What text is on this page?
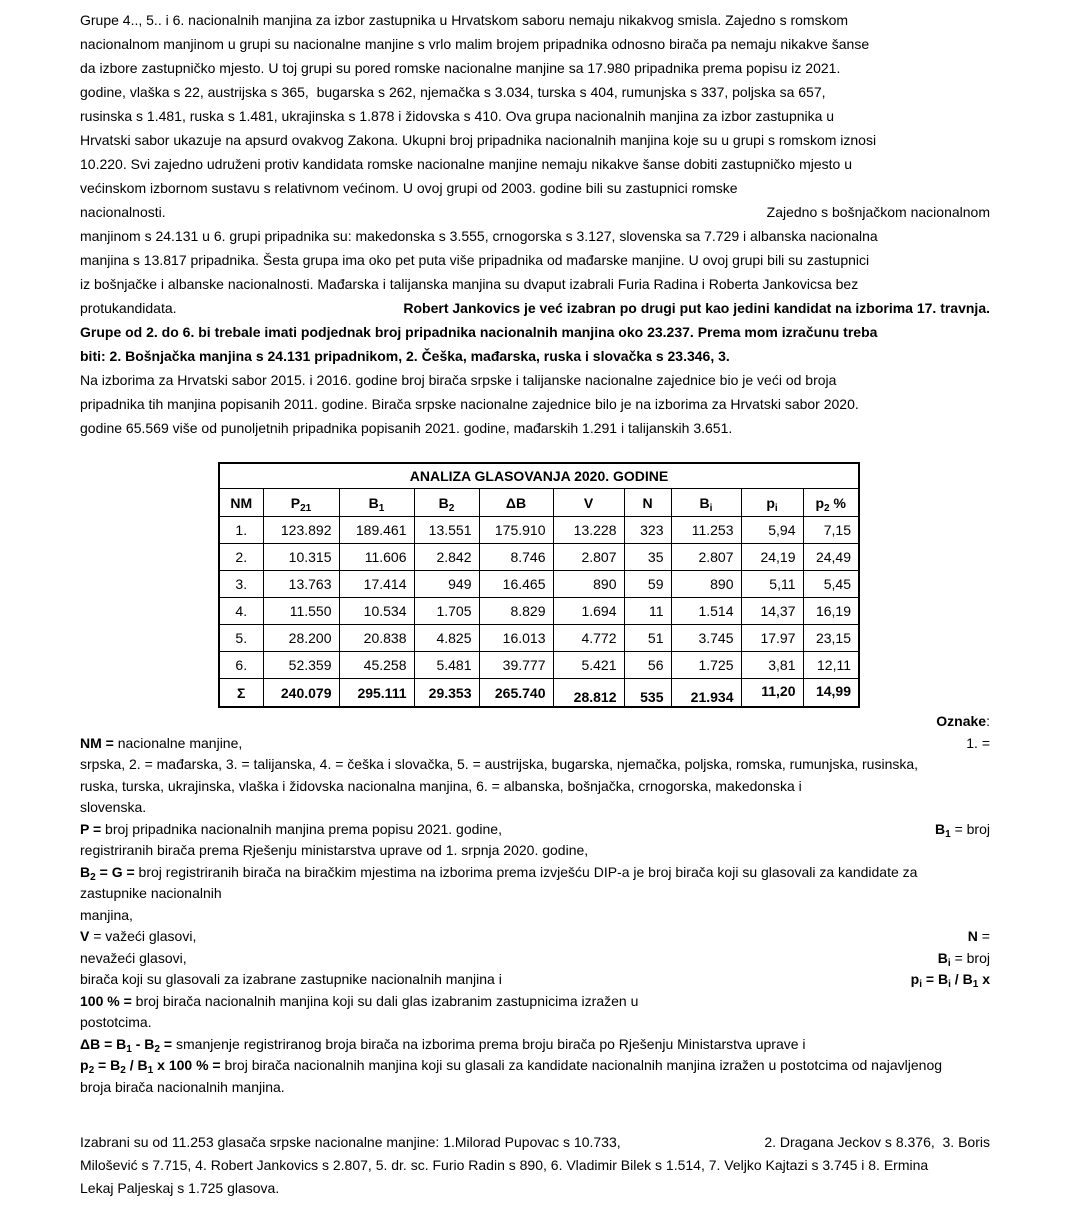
Grupe 4.., 5.. i 6. nacionalnih manjina za izbor zastupnika u Hrvatskom saboru nemaju nikakvog smisla. Zajedno s romskom
nacionalnom manjinom u grupi su nacionalne manjine s vrlo malim brojem pripadnika odnosno birača pa nemaju nikakve šanse
da izbore zastupničko mjesto. U toj grupi su pored romske nacionalne manjine sa 17.980 pripadnika prema popisu iz 2021.
godine, vlaška s 22, austrijska s 365,  bugarska s 262, njemačka s 3.034, turska s 404, rumunjska s 337, poljska sa 657,
rusinska s 1.481, ruska s 1.481, ukrajinska s 1.878 i židovska s 410. Ova grupa nacionalnih manjina za izbor zastupnika u
Hrvatski sabor ukazuje na apsurd ovakvog Zakona. Ukupni broj pripadnika nacionalnih manjina koje su u grupi s romskom iznosi
10.220. Svi zajedno udruženi protiv kandidata romske nacionalne manjine nemaju nikakve šanse dobiti zastupničko mjesto u
većinskom izbornom sustavu s relativnom većinom. U ovoj grupi od 2003. godine bili su zastupnici romske
nacionalnosti.	Zajedno s bošnjačkom nacionalnom
manjinom s 24.131 u 6. grupi pripadnika su: makedonska s 3.555, crnogorska s 3.127, slovenska sa 7.729 i albanska nacionalna
manjina s 13.817 pripadnika. Šesta grupa ima oko pet puta više pripadnika od mađarske manjine. U ovoj grupi bili su zastupnici
iz bošnjačke i albanske nacionalnosti. Mađarska i talijanska manjina su dvaput izabrali Furia Radina i Roberta Jankovicsa bez
protukandidata.	Robert Jankovics je već izabran po drugi put kao jedini kandidat na izborima 17. travnja.
Grupe od 2. do 6. bi trebale imati podjednak broj pripadnika nacionalnih manjina oko 23.237. Prema mom izračunu treba
biti: 2. Bošnjačka manjina s 24.131 pripadnikom, 2. Češka, mađarska, ruska i slovačka s 23.346, 3.
Na izborima za Hrvatski sabor 2015. i 2016. godine broj birača srpske i talijanske nacionalne zajednice bio je veći od broja
pripadnika tih manjina popisanih 2011. godine. Birača srpske nacionalne zajednice bilo je na izborima za Hrvatski sabor 2020.
godine 65.569 više od punoljetnih pripadnika popisanih 2021. godine, mađarskih 1.291 i talijanskih 3.651.
ANALIZA GLASOVANJA 2020. GODINE									
NM	$P_{21}$	$B_1$	$B_2$	ΔB	V	N	$B_i$	$p_i$	$p_2$ %
1.	123.892	189.461	13.551	175.910	13.228	323	11.253	5,94	7,15
2.	10.315	11.606	2.842	8.746	2.807	35	2.807	24,19	24,49
3.	13.763	17.414	949	16.465	890	59	890	5,11	5,45
4.	11.550	10.534	1.705	8.829	1.694	11	1.514	14,37	16,19
5.	28.200	20.838	4.825	16.013	4.772	51	3.745	17.97	23,15
6.	52.359	45.258	5.481	39.777	5.421	56	1.725	3,81	12,11
Σ	240.079	295.111	29.353	265.740	28.812	535	21.934	11,20	14,99
Oznake:
NM = nacionalne manjine,	1. =
srpska, 2. = mađarska, 3. = talijanska, 4. = češka i slovačka, 5. = austrijska, bugarska, njemačka, poljska, romska, rumunjska, rusinska,
ruska, turska, ukrajinska, vlaška i židovska nacionalna manjina, 6. = albanska, bošnjačka, crnogorska, makedonska i
slovenska.
P = broj pripadnika nacionalnih manjina prema popisu 2021. godine,	$B_1$ = broj
registriranih birača prema Rješenju ministarstva uprave od 1. srpnja 2020. godine,
$B_2 = G$ = broj registriranih birača na biračkim mjestima na izborima prema izvješću DIP-a je broj birača koji su glasovali za kandidate za
zastupnike nacionalnih
manjina,
V = važeći glasovi,	N =
nevažeći glasovi,	$B_i$ = broj
birača koji su glasovali za izabrane zastupnike nacionalnih manjina i	$p_i = B_i / B_1$ x
100 % = broj birača nacionalnih manjina koji su dali glas izabranim zastupnicima izražen u
postotcima.
$\Delta B = B_1 - B_2$ = smanjenje registriranog broja birača na izborima prema broju birača po Rješenju Ministarstva uprave i
$p_2 = B_2 / B_1$ x 100 % = broj birača nacionalnih manjina koji su glasali za kandidate nacionalnih manjina izražen u postotcima od najavljenog
broja birača nacionalnih manjina.
Izabrani su od 11.253 glasača srpske nacionalne manjine: 1.Milorad Pupovac s 10.733,	2. Dragana Jeckov s 8.376,  3. Boris
Milošević s 7.715, 4. Robert Jankovics s 2.807, 5. dr. sc. Furio Radin s 890, 6. Vladimir Bilek s 1.514, 7. Veljko Kajtazi s 3.745 i 8. Ermina
Lekaj Paljeskaj s 1.725 glasova.
